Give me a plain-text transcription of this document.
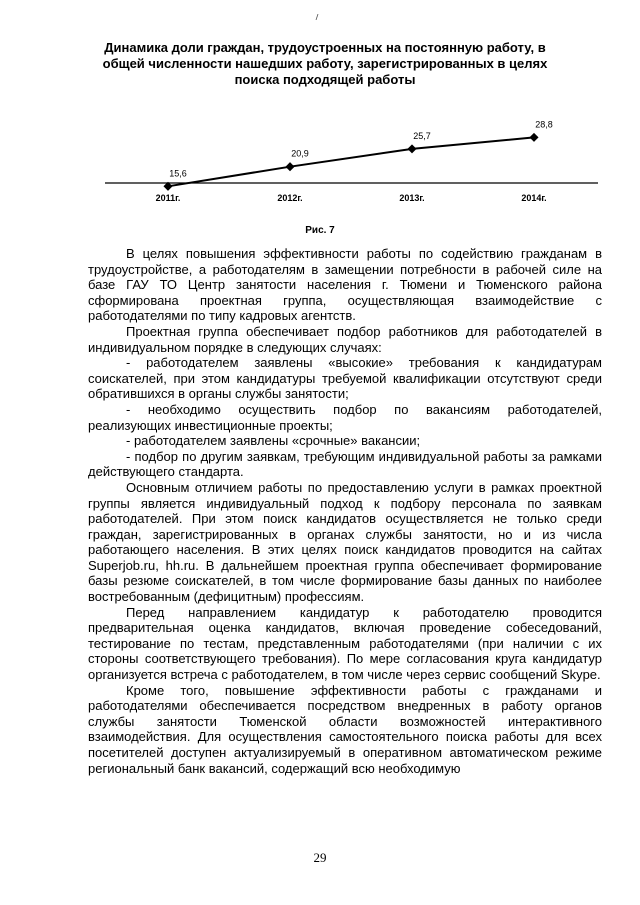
Динамика доли граждан, трудоустроенных на постоянную работу, в общей численности нашедших работу, зарегистрированных в целях поиска подходящей работы
15,6
20,9
25,7
28,8
2011г.	2012г.	2013г.	2014г.
Рис. 7

В целях повышения эффективности работы по содействию гражданам в трудоустройстве, а работодателям в замещении потребности в рабочей силе на базе ГАУ ТО Центр занятости населения г. Тюмени и Тюменского района сформирована проектная группа, осуществляющая взаимодействие с работодателями по типу кадровых агентств.

Проектная группа обеспечивает подбор работников для работодателей в индивидуальном порядке в следующих случаях:

- работодателем заявлены «высокие» требования к кандидатурам соискателей, при этом кандидатуры требуемой квалификации отсутствуют среди обратившихся в органы службы занятости;

- необходимо осуществить подбор по вакансиям работодателей, реализующих инвестиционные проекты;

- работодателем заявлены «срочные» вакансии;

- подбор по другим заявкам, требующим индивидуальной работы за рамками действующего стандарта.

Основным отличием работы по предоставлению услуги в рамках проектной группы является индивидуальный подход к подбору персонала по заявкам работодателей. При этом поиск кандидатов осуществляется не только среди граждан, зарегистрированных в органах службы занятости, но и из числа работающего населения. В этих целях поиск кандидатов проводится на сайтах Superjob.ru, hh.ru. В дальнейшем проектная группа обеспечивает формирование базы резюме соискателей, в том числе формирование базы данных по наиболее востребованным (дефицитным) профессиям.

Перед направлением кандидатур к работодателю проводится предварительная оценка кандидатов, включая проведение собеседований, тестирование по тестам, представленным работодателями (при наличии с их стороны соответствующего требования). По мере согласования круга кандидатур организуется встреча с работодателем, в том числе через сервис сообщений Skype.

Кроме того, повышение эффективности работы с гражданами и работодателями обеспечивается посредством внедренных в работу органов службы занятости Тюменской области возможностей интерактивного взаимодействия. Для осуществления самостоятельного поиска работы для всех посетителей доступен актуализируемый в оперативном автоматическом режиме региональный банк вакансий, содержащий всю необходимую

29
